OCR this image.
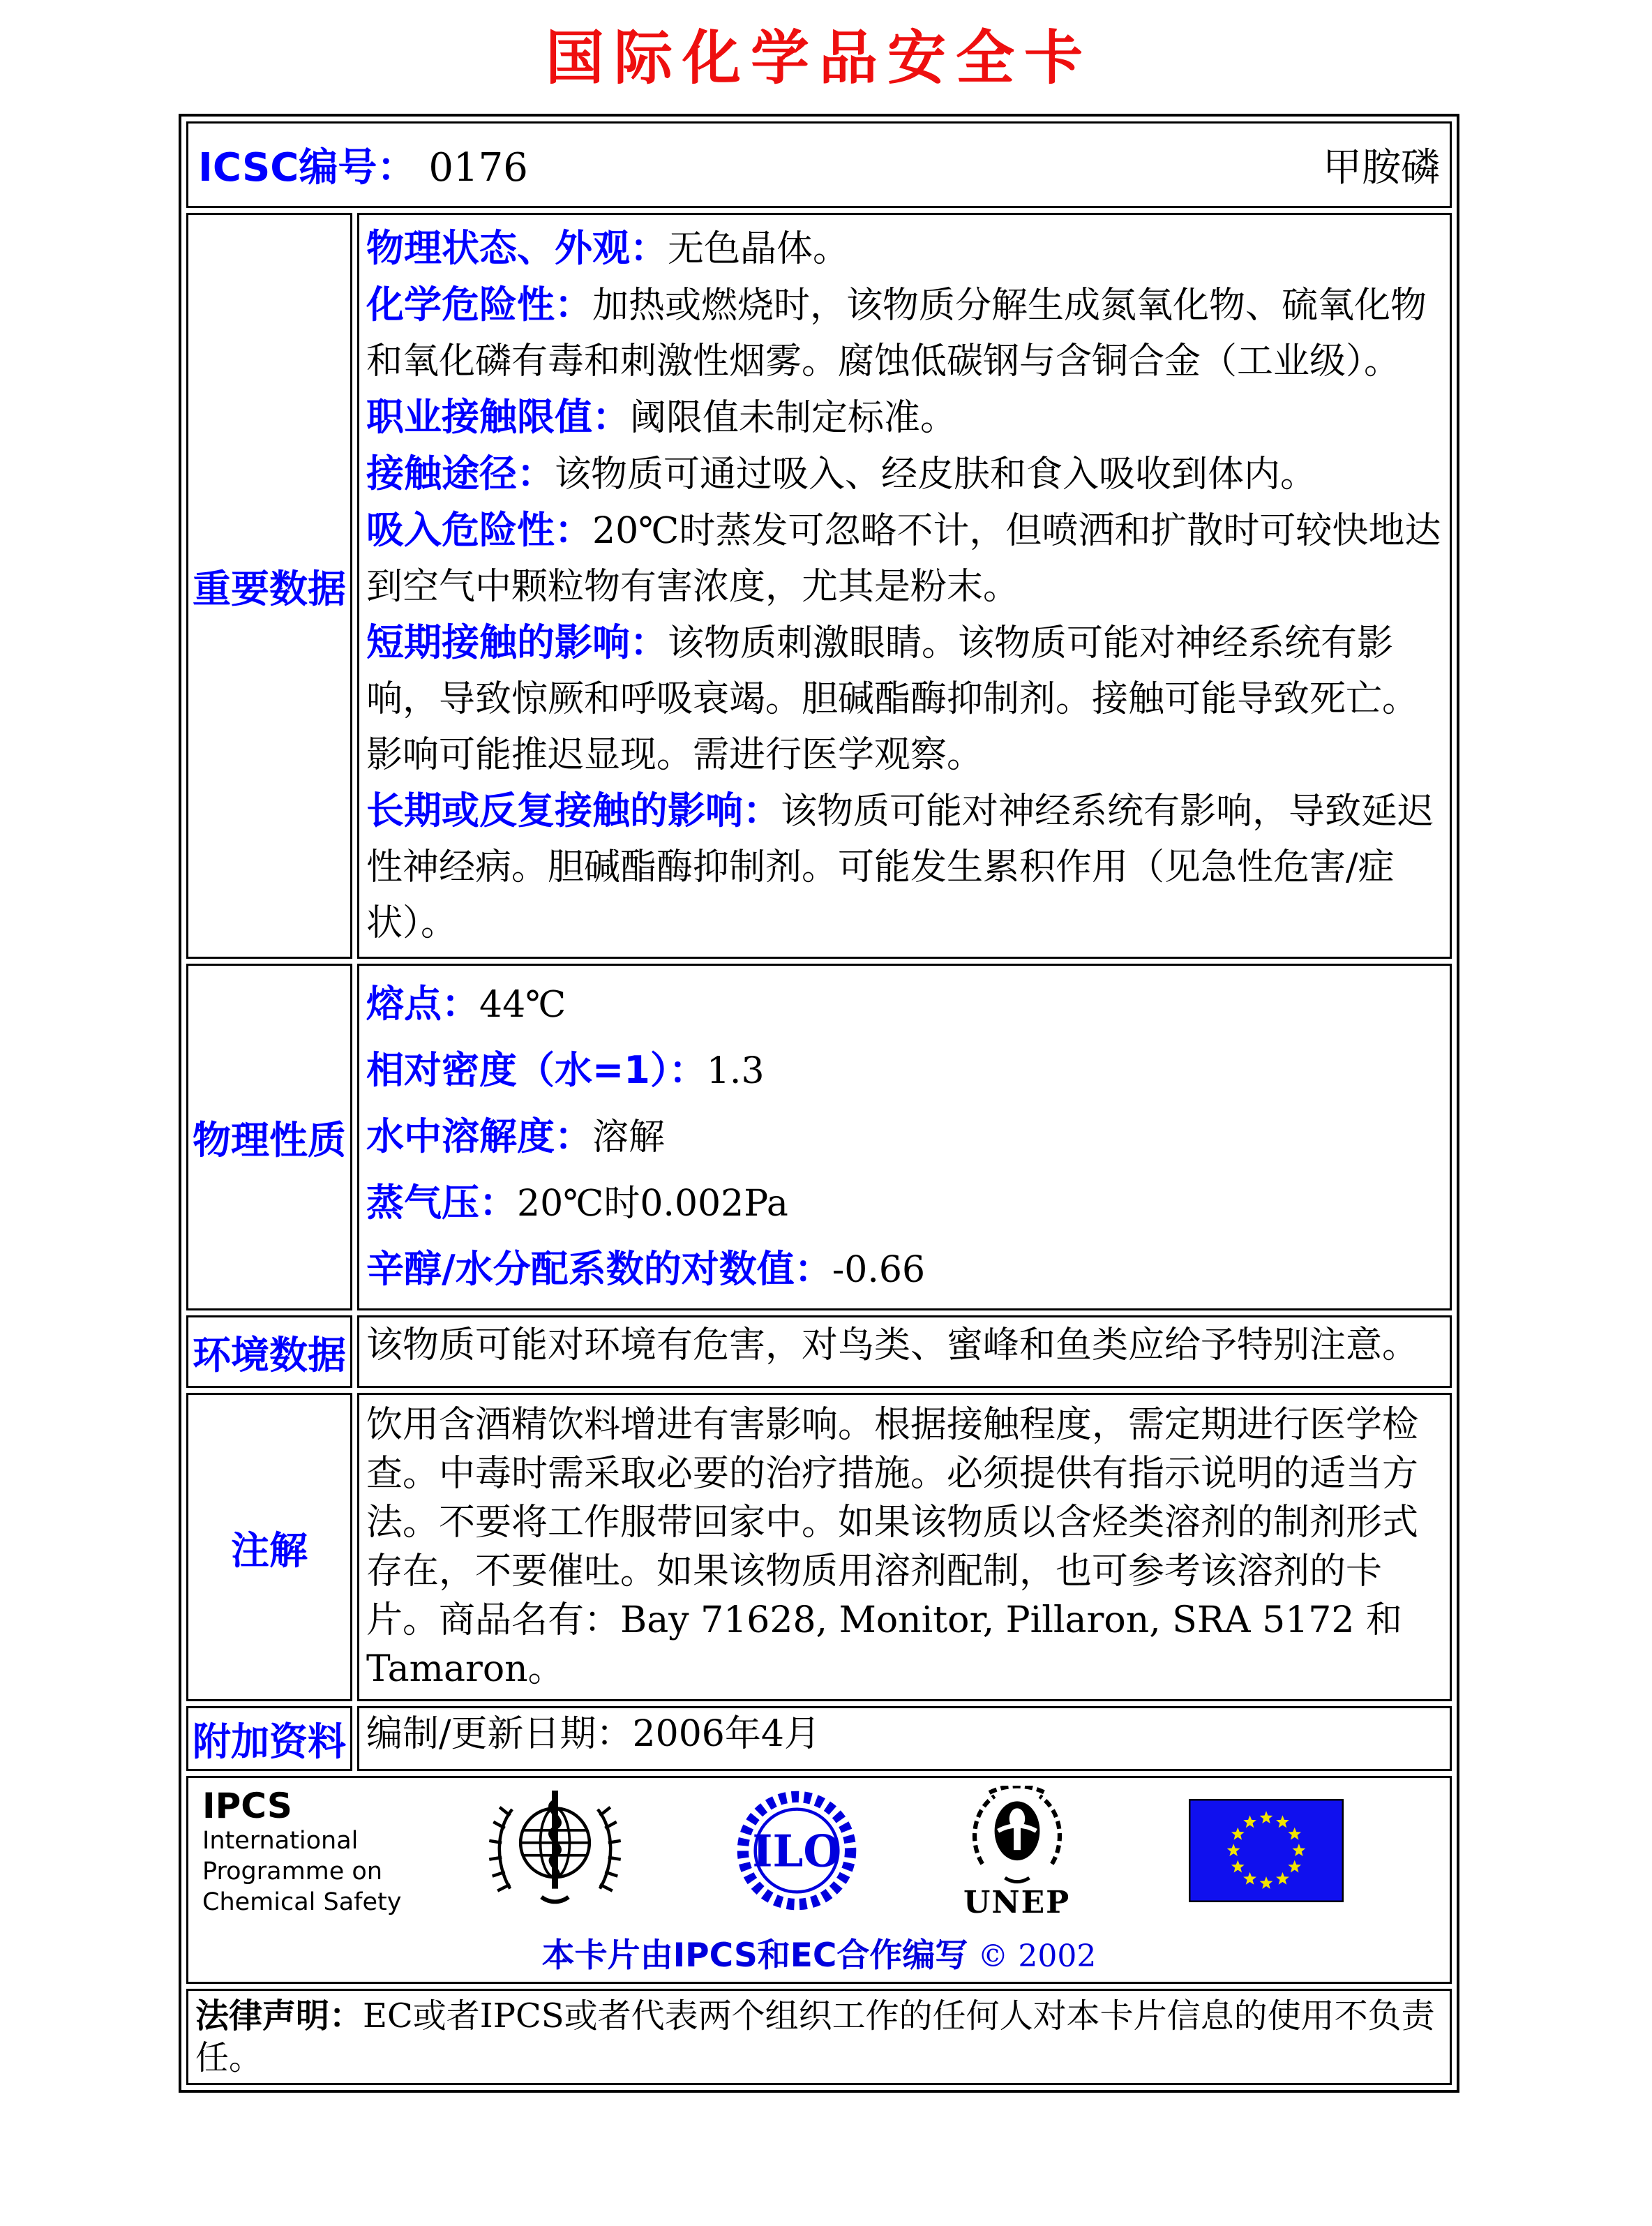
国际化学品安全卡
ICSC编号： 0176 甲胺磷	

重要数据	
物理状态、外观：无色晶体。
化学危险性：加热或燃烧时，该物质分解生成氮氧化物、硫氧化物和氧化磷有毒和刺激性烟雾。腐蚀低碳钢与含铜合金（工业级）。
职业接触限值：阈限值未制定标准。
接触途径：该物质可通过吸入、经皮肤和食入吸收到体内。
吸入危险性：20℃时蒸发可忽略不计，但喷洒和扩散时可较快地达到空气中颗粒物有害浓度，尤其是粉末。
短期接触的影响：该物质刺激眼睛。该物质可能对神经系统有影响，导致惊厥和呼吸衰竭。胆碱酯酶抑制剂。接触可能导致死亡。影响可能推迟显现。需进行医学观察。
长期或反复接触的影响：该物质可能对神经系统有影响，导致延迟性神经病。胆碱酯酶抑制剂。可能发生累积作用（见急性危害/症状）。

物理性质	熔点：44℃
相对密度（水=1）：1.3
水中溶解度：溶解
蒸气压：20℃时0.002Pa
辛醇/水分配系数的对数值：-0.66

环境数据	该物质可能对环境有危害，对鸟类、蜜峰和鱼类应给予特别注意。
注解	饮用含酒精饮料增进有害影响。根据接触程度，需定期进行医学检查。中毒时需采取必要的治疗措施。必须提供有指示说明的适当方法。不要将工作服带回家中。如果该物质以含烃类溶剂的制剂形式存在，不要催吐。如果该物质用溶剂配制，也可参考该溶剂的卡片。商品名有：Bay 71628, Monitor, Pillaron, SRA 5172 和 Tamaron。
附加资料	编制/更新日期：2006年4月

IPCS
International
Programme on
Chemical Safety
ILO
UNEP
本卡片由IPCS和EC合作编写 © 2002

法律声明：EC或者IPCS或者代表两个组织工作的任何人对本卡片信息的使用不负责任。	
